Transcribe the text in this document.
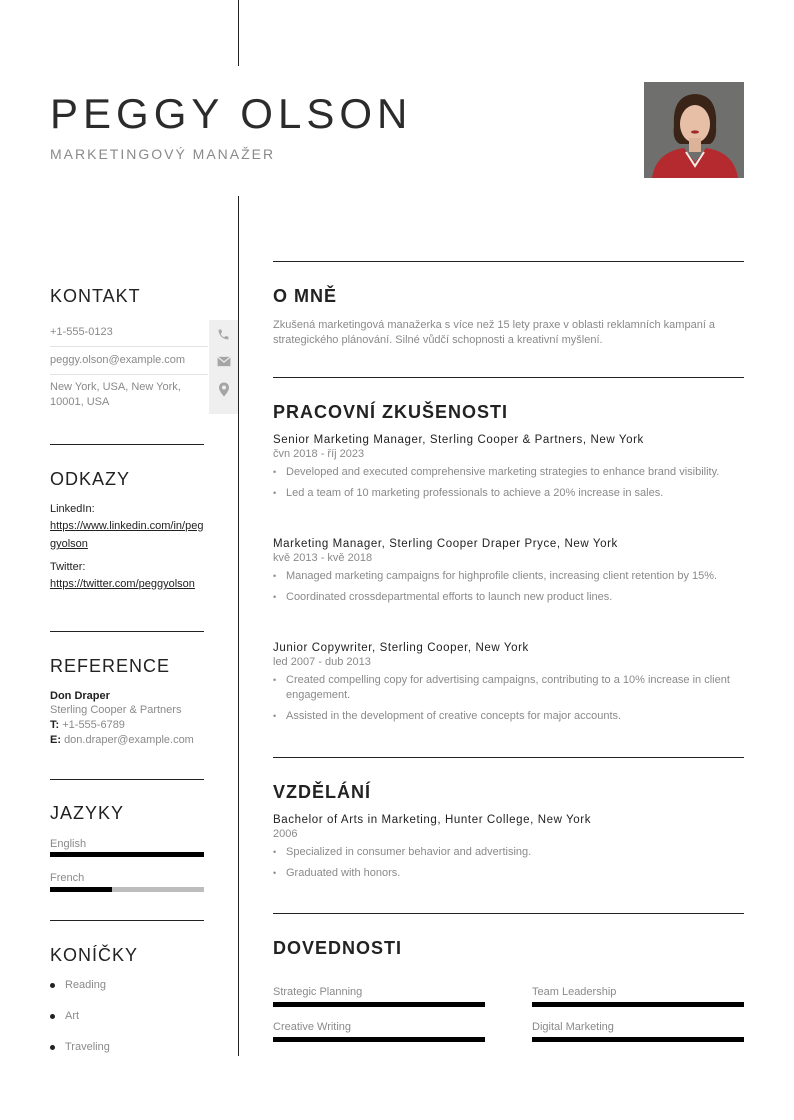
PEGGY OLSON
MARKETINGOVÝ MANAŽER
KONTAKT
+1-555-0123
peggy.olson@example.com
New York, USA, New York, 10001, USA
ODKAZY
LinkedIn:
https://www.linkedin.com/in/peggyolson
Twitter:
https://twitter.com/peggyolson
REFERENCE
Don Draper
Sterling Cooper & Partners
T: +1-555-6789
E: don.draper@example.com
JAZYKY
English
French
KONÍČKY
Reading
Art
Traveling
O MNĚ

Zkušená marketingová manažerka s více než 15 lety praxe v oblasti reklamních kampaní a strategického plánování. Silné vůdčí schopnosti a kreativní myšlení.

PRACOVNÍ ZKUŠENOSTI
Senior Marketing Manager, Sterling Cooper & Partners, New York
čvn 2018 - říj 2023
• Developed and executed comprehensive marketing strategies to enhance brand visibility.
• Led a team of 10 marketing professionals to achieve a 20% increase in sales.
Marketing Manager, Sterling Cooper Draper Pryce, New York
kvě 2013 - kvě 2018
• Managed marketing campaigns for highprofile clients, increasing client retention by 15%.
• Coordinated crossdepartmental efforts to launch new product lines.
Junior Copywriter, Sterling Cooper, New York
led 2007 - dub 2013
• Created compelling copy for advertising campaigns, contributing to a 10% increase in client engagement.
• Assisted in the development of creative concepts for major accounts.
VZDĚLÁNÍ
Bachelor of Arts in Marketing, Hunter College, New York
2006
• Specialized in consumer behavior and advertising.
• Graduated with honors.
DOVEDNOSTI
Strategic Planning	Team Leadership
Creative Writing	Digital Marketing
